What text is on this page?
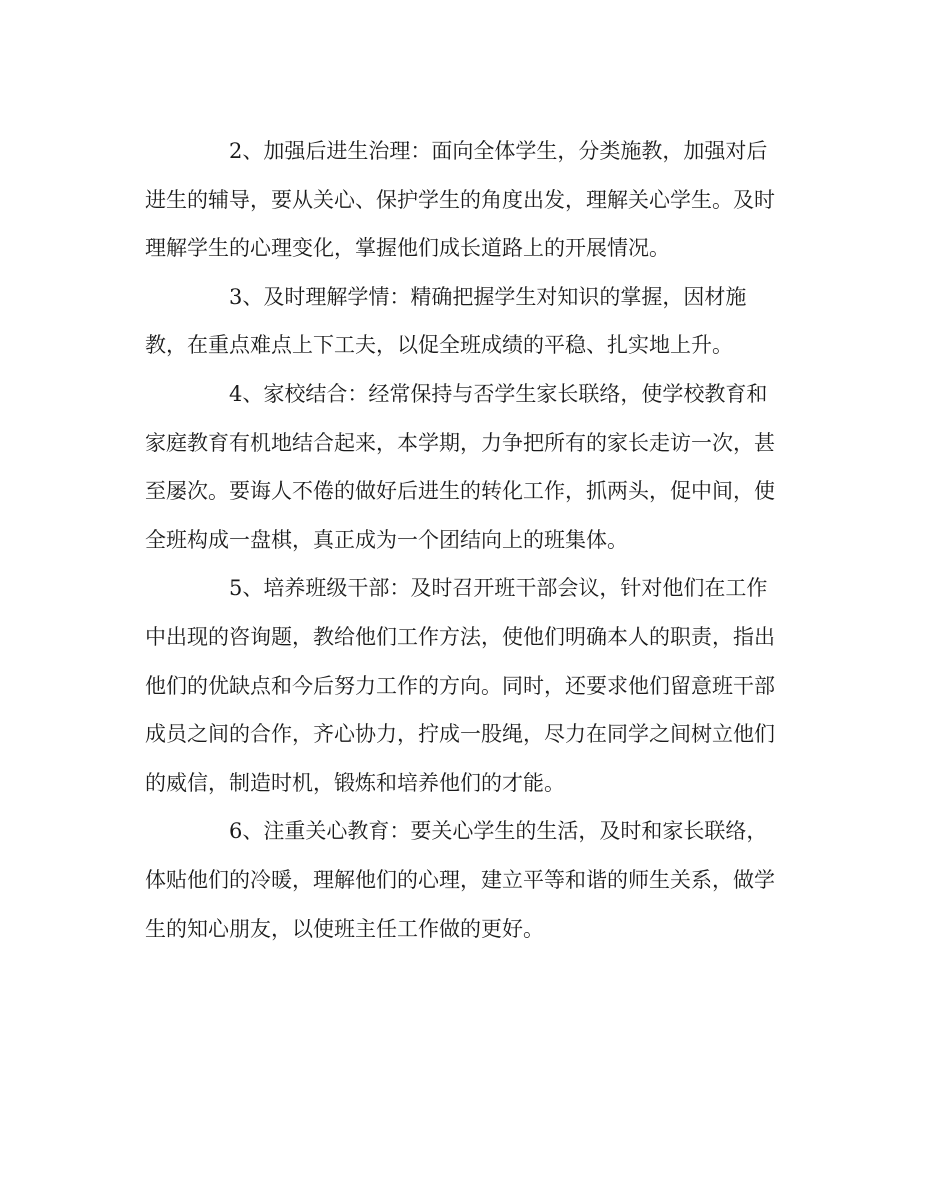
2、加强后进生治理：面向全体学生，分类施教，加强对后
进生的辅导，要从关心、保护学生的角度出发，理解关心学生。及时
理解学生的心理变化，掌握他们成长道路上的开展情况。

3、及时理解学情：精确把握学生对知识的掌握，因材施
教，在重点难点上下工夫，以促全班成绩的平稳、扎实地上升。

4、家校结合：经常保持与否学生家长联络，使学校教育和
家庭教育有机地结合起来，本学期，力争把所有的家长走访一次，甚
至屡次。要诲人不倦的做好后进生的转化工作，抓两头，促中间，使
全班构成一盘棋，真正成为一个团结向上的班集体。

5、培养班级干部：及时召开班干部会议，针对他们在工作
中出现的咨询题，教给他们工作方法，使他们明确本人的职责，指出
他们的优缺点和今后努力工作的方向。同时，还要求他们留意班干部
成员之间的合作，齐心协力，拧成一股绳，尽力在同学之间树立他们
的威信，制造时机，锻炼和培养他们的才能。

6、注重关心教育：要关心学生的生活，及时和家长联络，
体贴他们的冷暖，理解他们的心理，建立平等和谐的师生关系，做学
生的知心朋友，以使班主任工作做的更好。
